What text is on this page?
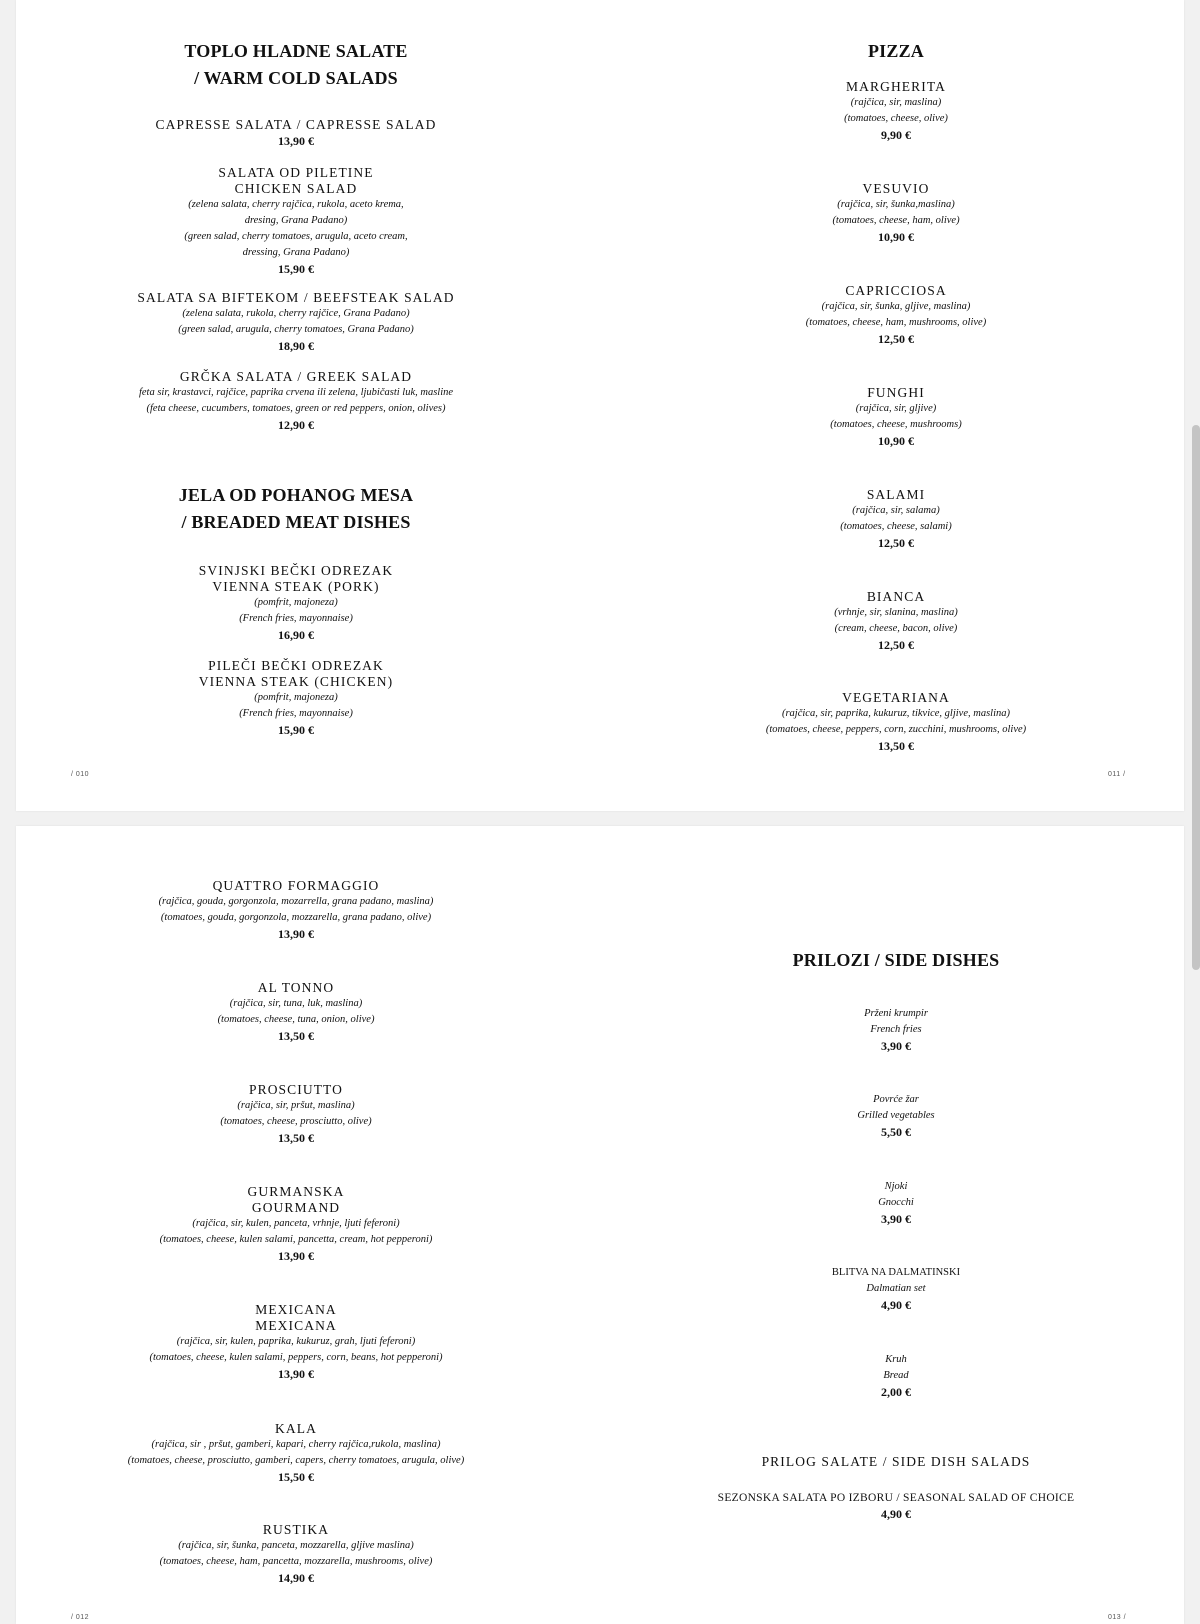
TOPLO HLADNE SALATE
/ WARM COLD SALADS
CAPRESSE SALATA / CAPRESSE SALAD
13,90 €
SALATA OD PILETINE
CHICKEN SALAD
(zelena salata, cherry rajčica, rukola, aceto krema,
dresing, Grana Padano)
(green salad, cherry tomatoes, arugula, aceto cream,
dressing, Grana Padano)
15,90 €
SALATA SA BIFTEKOM / BEEFSTEAK SALAD
(zelena salata, rukola, cherry rajčice, Grana Padano)
(green salad, arugula, cherry tomatoes, Grana Padano)
18,90 €
GRČKA SALATA / GREEK SALAD
feta sir, krastavci, rajčice, paprika crvena ili zelena, ljubičasti luk, masline
(feta cheese, cucumbers, tomatoes, green or red peppers, onion, olives)
12,90 €
JELA OD POHANOG MESA
/ BREADED MEAT DISHES
SVINJSKI BEČKI ODREZAK
VIENNA STEAK (PORK)
(pomfrit, majoneza)
(French fries, mayonnaise)
16,90 €
PILEČI BEČKI ODREZAK
VIENNA STEAK (CHICKEN)
(pomfrit, majoneza)
(French fries, mayonnaise)
15,90 €
/ 010
PIZZA
MARGHERITA
(rajčica, sir, maslina)
(tomatoes, cheese, olive)
9,90 €
VESUVIO
(rajčica, sir, šunka,maslina)
(tomatoes, cheese, ham, olive)
10,90 €
CAPRICCIOSA
(rajčica, sir, šunka, gljive, maslina)
(tomatoes, cheese, ham, mushrooms, olive)
12,50 €
FUNGHI
(rajčica, sir, gljive)
(tomatoes, cheese, mushrooms)
10,90 €
SALAMI
(rajčica, sir, salama)
(tomatoes, cheese, salami)
12,50 €
BIANCA
(vrhnje, sir, slanina, maslina)
(cream, cheese, bacon, olive)
12,50 €
VEGETARIANA
(rajčica, sir, paprika, kukuruz, tikvice, gljive, maslina)
(tomatoes, cheese, peppers, corn, zucchini, mushrooms, olive)
13,50 €
011 /
QUATTRO FORMAGGIO
(rajčica, gouda, gorgonzola, mozarrella, grana padano, maslina)
(tomatoes, gouda, gorgonzola, mozzarella, grana padano, olive)
13,90 €
AL TONNO
(rajčica, sir, tuna, luk, maslina)
(tomatoes, cheese, tuna, onion, olive)
13,50 €
PROSCIUTTO
(rajčica, sir, pršut, maslina)
(tomatoes, cheese, prosciutto, olive)
13,50 €
GURMANSKA
GOURMAND
(rajčica, sir, kulen, panceta, vrhnje, ljuti feferoni)
(tomatoes, cheese, kulen salami, pancetta, cream, hot pepperoni)
13,90 €
MEXICANA
MEXICANA
(rajčica, sir, kulen, paprika, kukuruz, grah, ljuti feferoni)
(tomatoes, cheese, kulen salami, peppers, corn, beans, hot pepperoni)
13,90 €
KALA
(rajčica, sir , pršut, gamberi, kapari, cherry rajčica,rukola, maslina)
(tomatoes, cheese, prosciutto, gamberi, capers, cherry tomatoes, arugula, olive)
15,50 €
RUSTIKA
(rajčica, sir, šunka, panceta, mozzarella, gljive maslina)
(tomatoes, cheese, ham, pancetta, mozzarella, mushrooms, olive)
14,90 €
/ 012
PRILOZI / SIDE DISHES
Prženi krumpir
French fries
3,90 €
Povrće žar
Grilled vegetables
5,50 €
Njoki
Gnocchi
3,90 €
BLITVA NA DALMATINSKI
Dalmatian set
4,90 €
Kruh
Bread
2,00 €
PRILOG SALATE / SIDE DISH SALADS
SEZONSKA SALATA PO IZBORU / SEASONAL SALAD OF CHOICE
4,90 €
013 /
